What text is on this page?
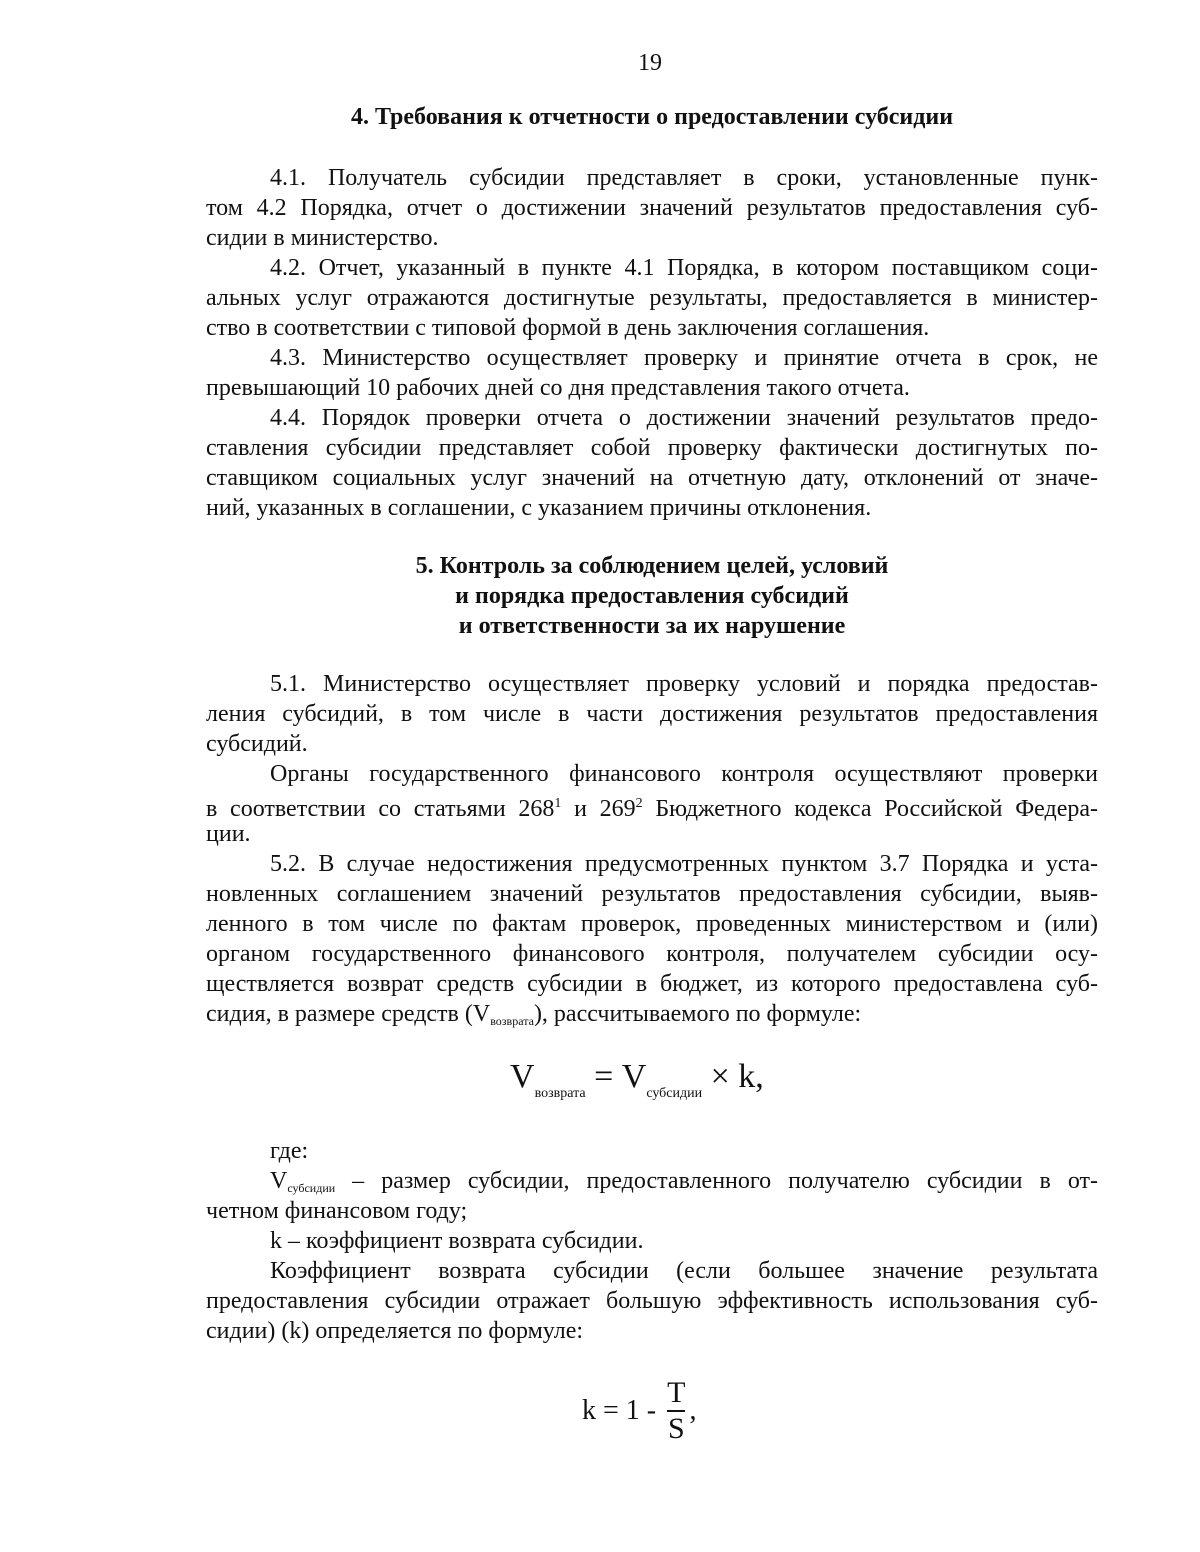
19
4. Требования к отчетности о предоставлении субсидии
4.1. Получатель субсидии представляет в сроки, установленные пунк-
том 4.2 Порядка, отчет о достижении значений результатов предоставления суб-
сидии в министерство.
4.2. Отчет, указанный в пункте 4.1 Порядка, в котором поставщиком соци-
альных услуг отражаются достигнутые результаты, предоставляется в министер-
ство в соответствии с типовой формой в день заключения соглашения.
4.3. Министерство осуществляет проверку и принятие отчета в срок, не
превышающий 10 рабочих дней со дня представления такого отчета.
4.4. Порядок проверки отчета о достижении значений результатов предо-
ставления субсидии представляет собой проверку фактически достигнутых по-
ставщиком социальных услуг значений на отчетную дату, отклонений от значе-
ний, указанных в соглашении, с указанием причины отклонения.
5. Контроль за соблюдением целей, условий
и порядка предоставления субсидий
и ответственности за их нарушение
5.1. Министерство осуществляет проверку условий и порядка предостав-
ления субсидий, в том числе в части достижения результатов предоставления
субсидий.
Органы государственного финансового контроля осуществляют проверки
в соответствии со статьями $268^1$ и $269^2$ Бюджетного кодекса Российской Федера-
ции.
5.2. В случае недостижения предусмотренных пунктом 3.7 Порядка и уста-
новленных соглашением значений результатов предоставления субсидии, выяв-
ленного в том числе по фактам проверок, проведенных министерством и (или)
органом государственного финансового контроля, получателем субсидии осу-
ществляется возврат средств субсидии в бюджет, из которого предоставлена суб-
сидия, в размере средств (Vвозврата), рассчитываемого по формуле:
$V_{возврата} = V_{субсидии} \times k$,
где:
Vсубсидии – размер субсидии, предоставленного получателю субсидии в от-
четном финансовом году;
k – коэффициент возврата субсидии.
Коэффициент возврата субсидии (если большее значение результата
предоставления субсидии отражает большую эффективность использования суб-
сидии) (k) определяется по формуле:
$k = 1 - \frac{T}{S}$ ,
